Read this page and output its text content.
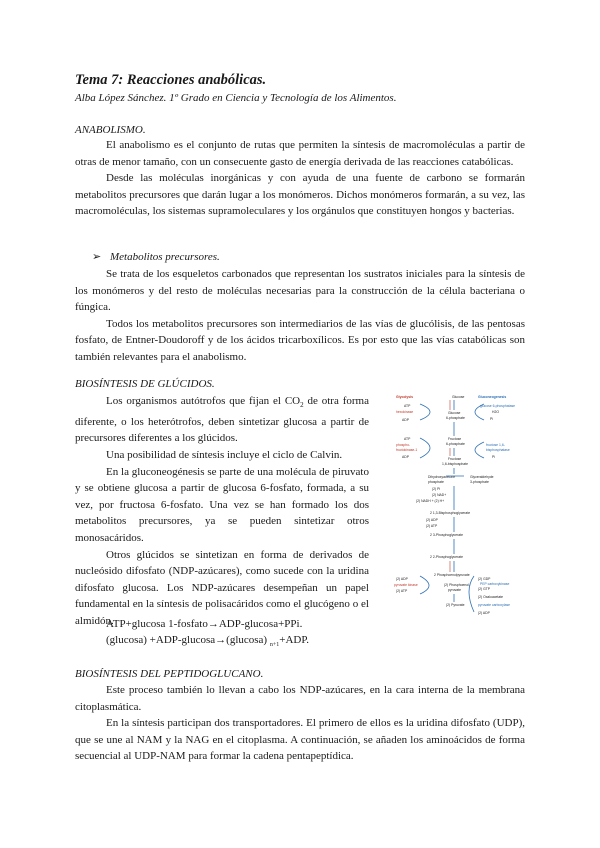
Tema 7: Reacciones anabólicas.
Alba López Sánchez. 1º Grado en Ciencia y Tecnología de los Alimentos.
ANABOLISMO.

El anabolismo es el conjunto de rutas que permiten la síntesis de macromoléculas a partir de otras de menor tamaño, con un consecuente gasto de energía derivada de las reacciones catabólicas.

Desde las moléculas inorgánicas y con ayuda de una fuente de carbono se formarán metabolitos precursores que darán lugar a los monómeros. Dichos monómeros formarán, a su vez, las macromoléculas, los sistemas supramoleculares y los orgánulos que constituyen hongos y bacterias.

➢ Metabolitos precursores.

Se trata de los esqueletos carbonados que representan los sustratos iniciales para la síntesis de los monómeros y del resto de moléculas necesarias para la construcción de la célula bacteriana o fúngica.

Todos los metabolitos precursores son intermediarios de las vías de glucólisis, de las pentosas fosfato, de Entner-Doudoroff y de los ácidos tricarboxílicos. Es por esto que las vías catabólicas son también relevantes para el anabolismo.

BIOSÍNTESIS DE GLÚCIDOS.

Los organismos autótrofos que fijan el $CO_2$ de otra forma diferente, o los heterótrofos, deben sintetizar glucosa a partir de precursores diferentes a los glúcidos.

Una posibilidad de síntesis incluye el ciclo de Calvin.

En la gluconeogénesis se parte de una molécula de piruvato y se obtiene glucosa a partir de glucosa 6-fosfato, formada, a su vez, por fructosa 6-fosfato. Una vez se han formado los dos metabolitos precursores, ya se pueden sintetizar otros monosacáridos.

Otros glúcidos se sintetizan en forma de derivados de nucleósido difosfato (NDP-azúcares), como sucede con la uridina difosfato glucosa. Los NDP-azúcares desempeñan un papel fundamental en la síntesis de polisacáridos como el glucógeno o el almidón.

ATP+glucosa 1-fosfato→ADP-glucosa+PPi.
(glucosa) +ADP-glucosa→(glucosa) $_{n+1}$+ADP.
Glycolysis	Gluconeogenesis
Glucose
ATP
hexokinase
ADP
glucose 6-phosphatase
H2O
Pi
Glucose
6-phosphate
Fructose
6-phosphate
Fructose
1,6-bisphosphate
ATP
phospho-
fructokinase-1
ADP
fructose 1,6-
bisphosphatase
Pi
Dihydroxyacetone
phosphate
Glyceraldehyde
3-phosphate
(2) Pi
(2) NAD+
(2) NADH + (2) H+
2 1,3-Bisphosphoglycerate
(2) ADP
(2) ATP
2 3-Phosphoglycerate
2 2-Phosphoglycerate
2 Phosphoenolpyruvate
(2) ADP
pyruvate kinase
(2) ATP
(2) Phosphoenol-
pyruvate
(2) Pyruvate
(2) GDP
PEP carboxykinase
(2) GTP
(2) Oxaloacetate
pyruvate carboxylase
(2) ADP
BIOSÍNTESIS DEL PEPTIDOGLUCANO.

Este proceso también lo llevan a cabo los NDP-azúcares, en la cara interna de la membrana citoplasmática.

En la síntesis participan dos transportadores. El primero de ellos es la uridina difosfato (UDP), que se une al NAM y la NAG en el citoplasma. A continuación, se añaden los aminoácidos de forma secuencial al UDP-NAM para formar la cadena pentapeptídica.
